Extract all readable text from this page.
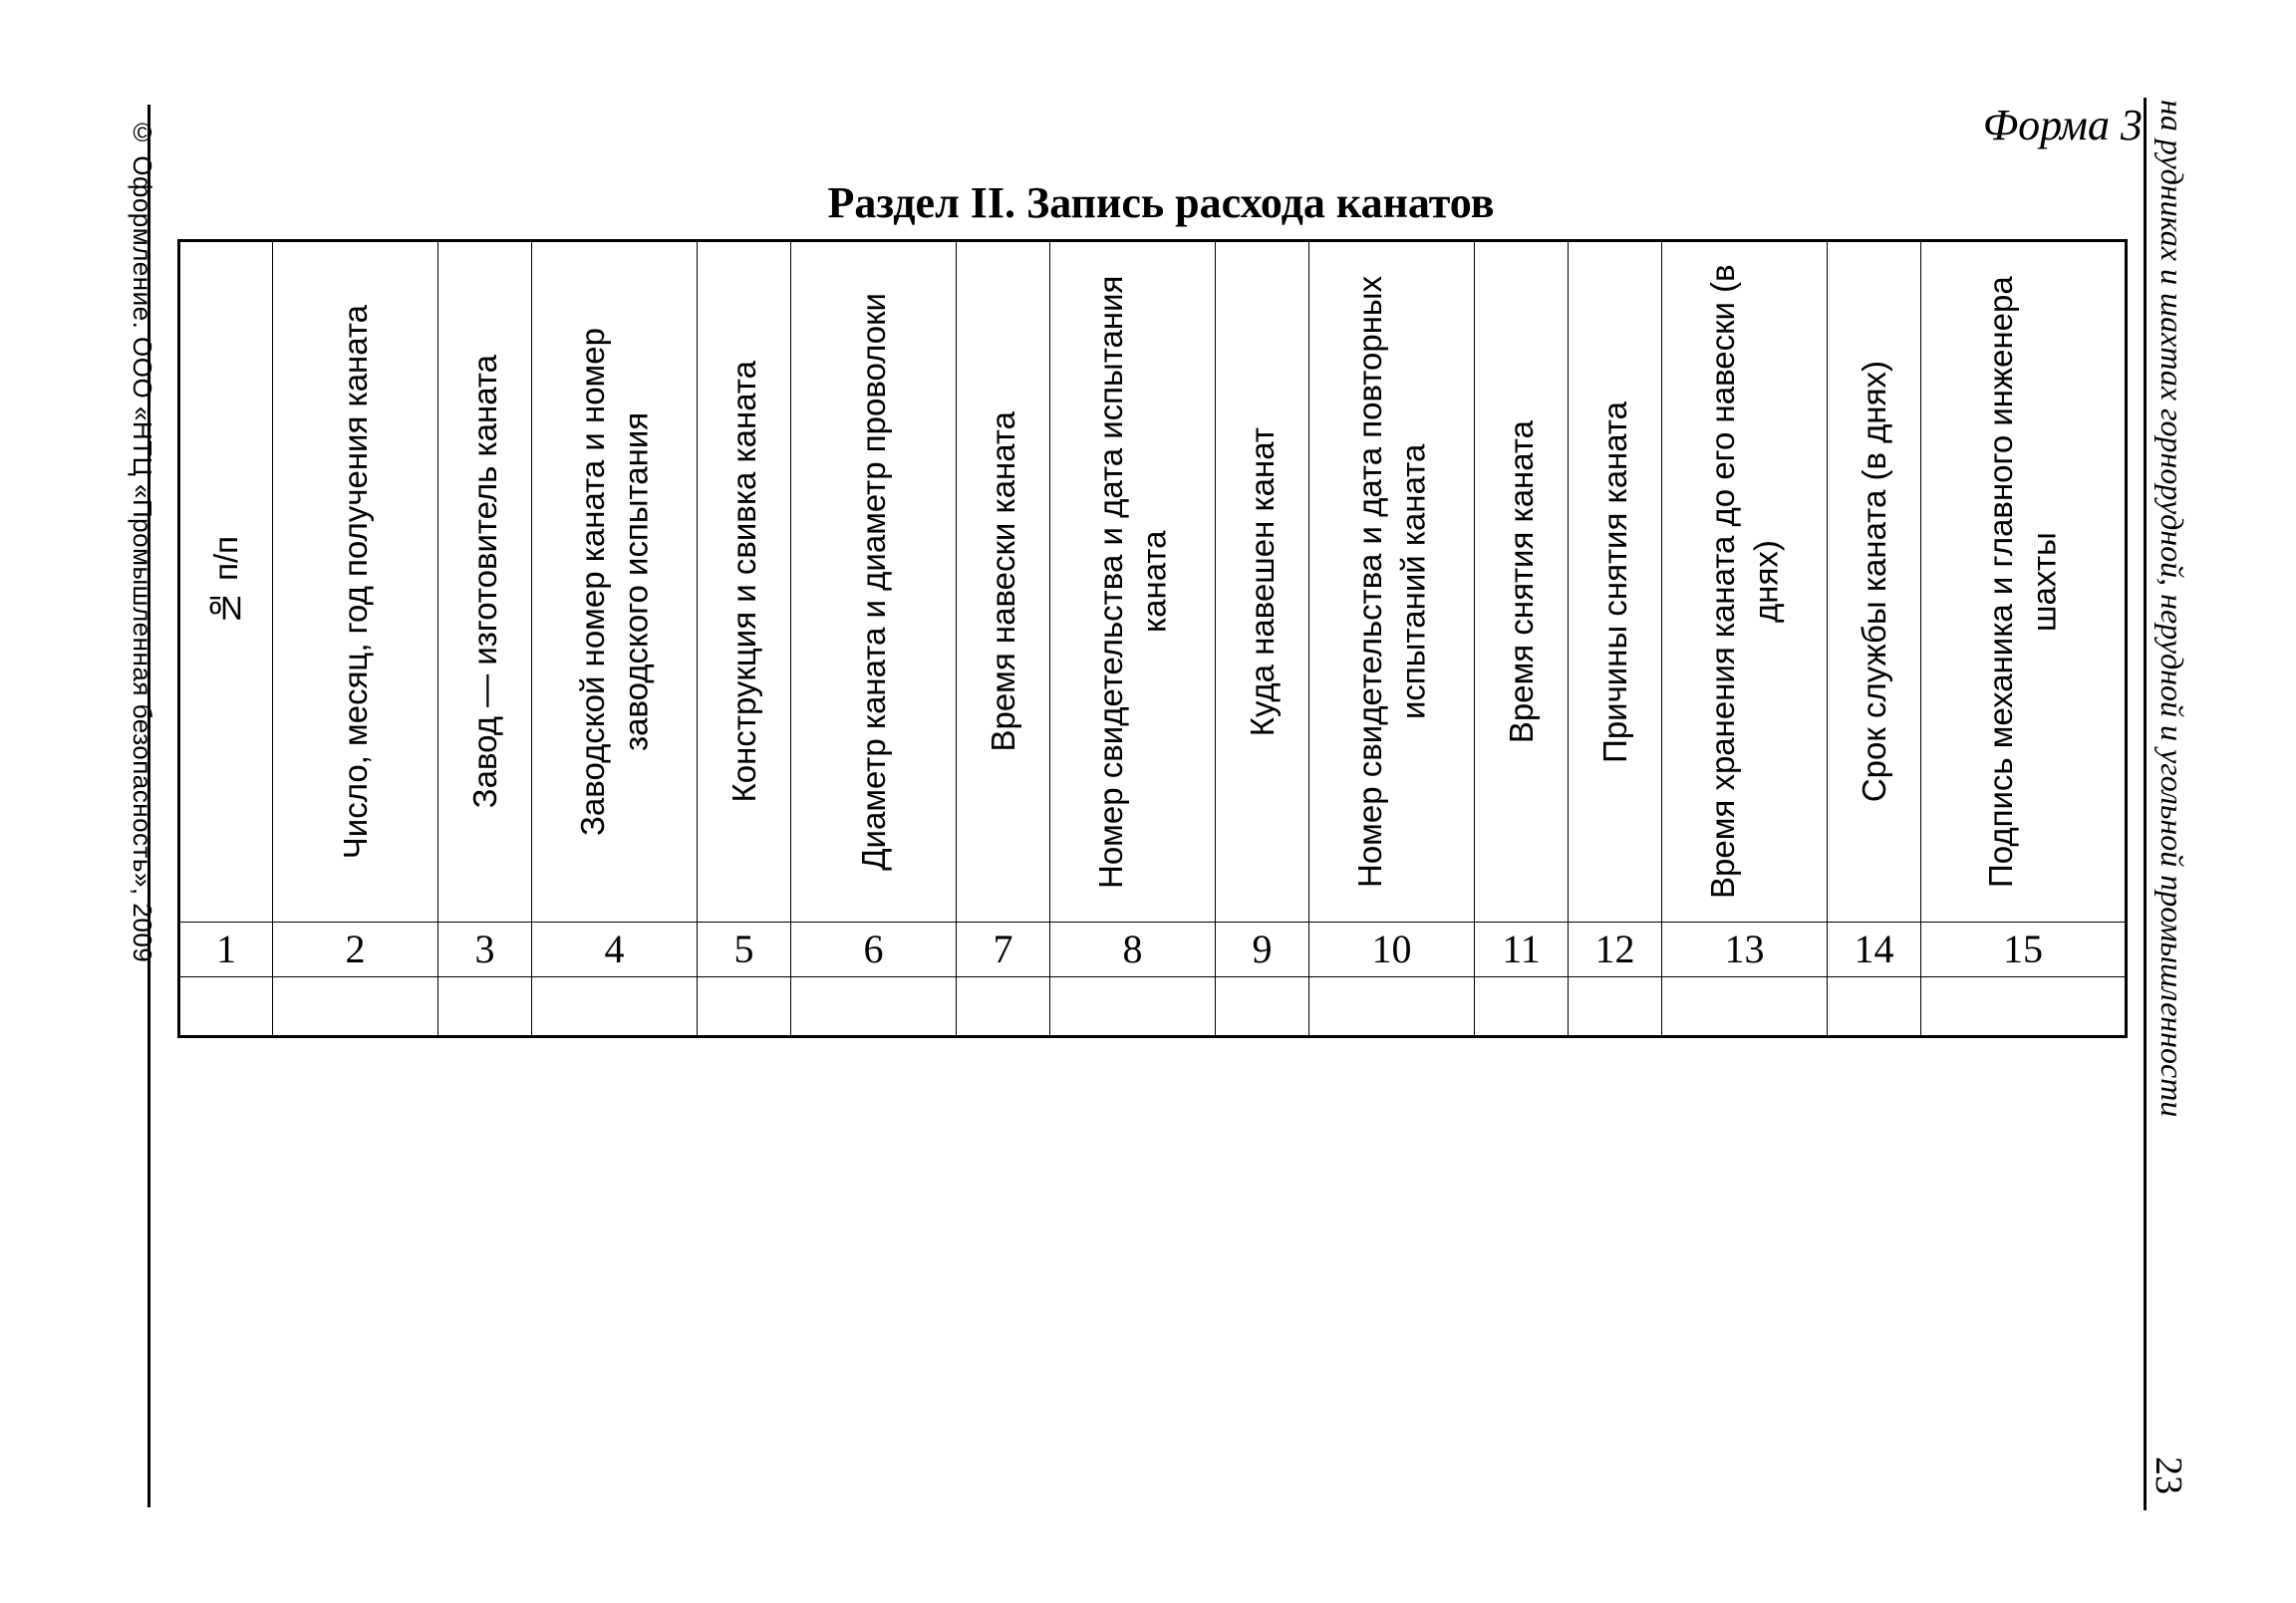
© Оформление. ООО «НТЦ «Промышленная безопасность», 2009	на рудниках и шахтах горнорудной, нерудной и угольной промышленности
23
Форма 3
Раздел II. Запись расхода канатов
№ п/п	Число, месяц, год получения каната	Завод — изготовитель каната	Заводской номер каната и номер заводского испытания	Конструкция и свивка каната	Диаметр каната и диаметр проволоки	Время навески каната	Номер свидетельства и дата испытания каната	Куда навешен канат	Номер свидетельства и дата повторных испытаний каната	Время снятия каната	Причины снятия каната	Время хранения каната до его навески (в днях)	Срок службы каната (в днях)	Подпись механика и главного инженера шахты

1	2	3	4	5	6	7	8	9	10	11	12	13	14	15
